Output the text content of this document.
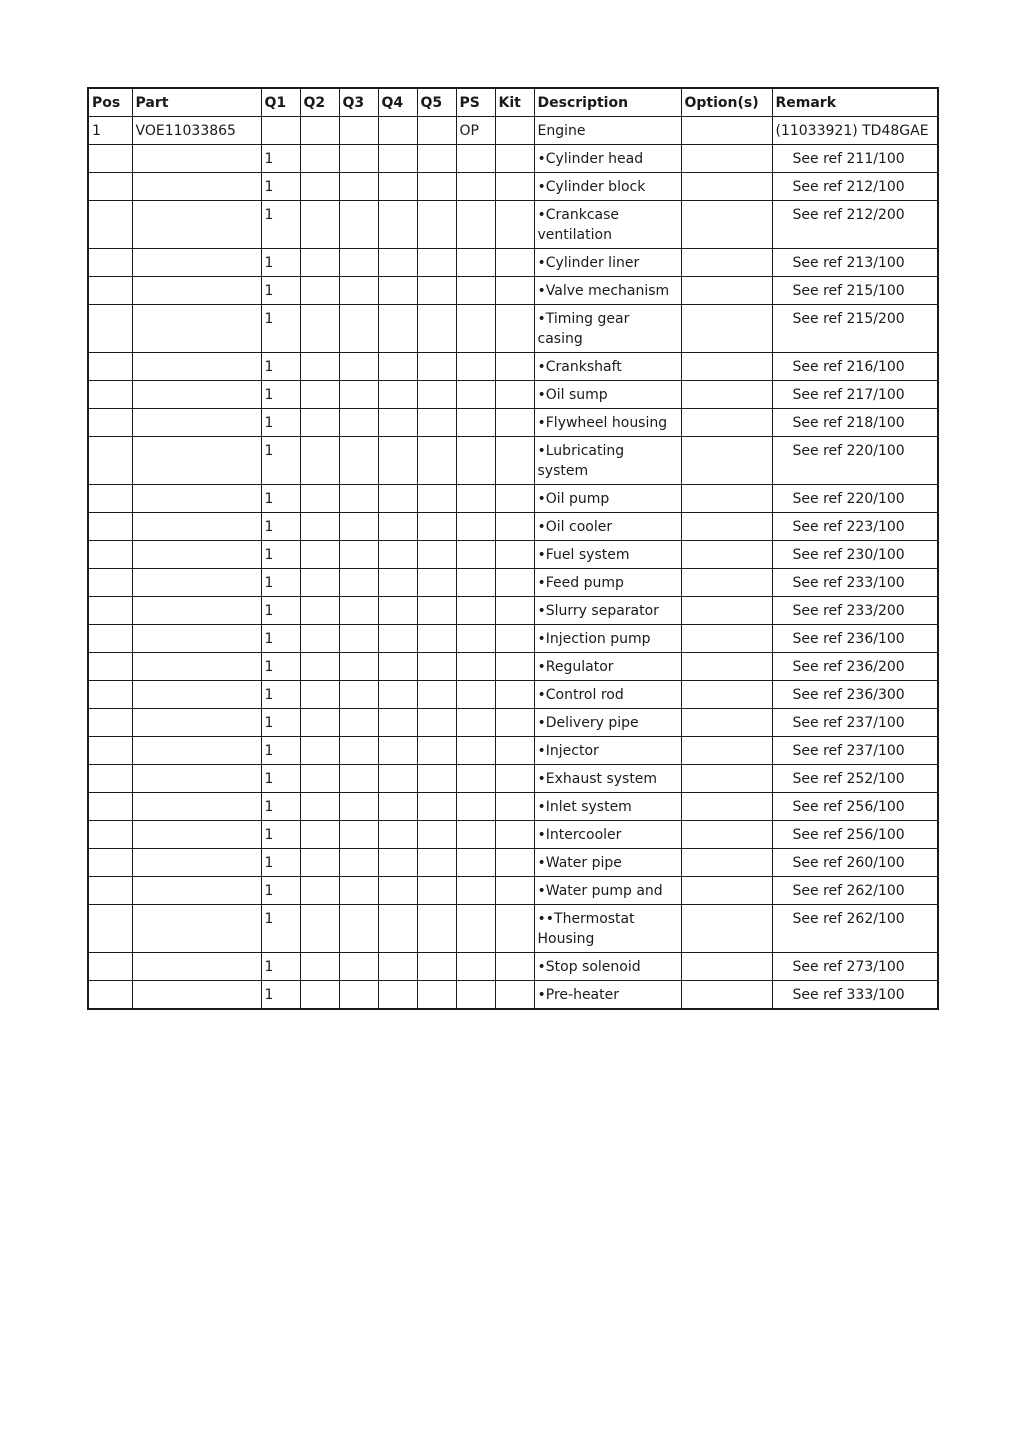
Pos	Part	Q1	Q2	Q3	Q4	Q5	PS	Kit	Description	Option(s)	Remark
1	VOE11033865						OP		Engine		(11033921) TD48GAE
		1							•Cylinder head		See ref 211/100
		1							•Cylinder block		See ref 212/100
		1							•Crankcase ventilation		See ref 212/200
		1							•Cylinder liner		See ref 213/100
		1							•Valve mechanism		See ref 215/100
		1							•Timing gear casing		See ref 215/200
		1							•Crankshaft		See ref 216/100
		1							•Oil sump		See ref 217/100
		1							•Flywheel housing		See ref 218/100
		1							•Lubricating system		See ref 220/100
		1							•Oil pump		See ref 220/100
		1							•Oil cooler		See ref 223/100
		1							•Fuel system		See ref 230/100
		1							•Feed pump		See ref 233/100
		1							•Slurry separator		See ref 233/200
		1							•Injection pump		See ref 236/100
		1							•Regulator		See ref 236/200
		1							•Control rod		See ref 236/300
		1							•Delivery pipe		See ref 237/100
		1							•Injector		See ref 237/100
		1							•Exhaust system		See ref 252/100
		1							•Inlet system		See ref 256/100
		1							•Intercooler		See ref 256/100
		1							•Water pipe		See ref 260/100
		1							•Water pump and		See ref 262/100
		1							••Thermostat Housing		See ref 262/100
		1							•Stop solenoid		See ref 273/100
		1							•Pre-heater		See ref 333/100
